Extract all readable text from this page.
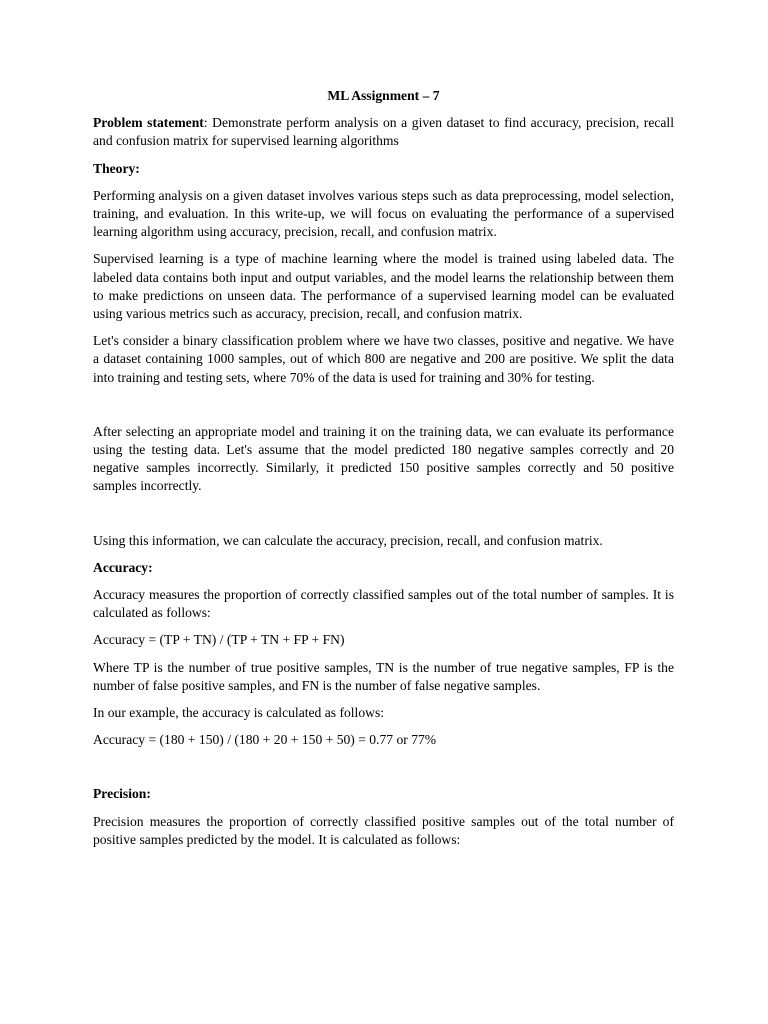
ML Assignment – 7

Problem statement: Demonstrate perform analysis on a given dataset to find accuracy, precision, recall and confusion matrix for supervised learning algorithms

Theory:

Performing analysis on a given dataset involves various steps such as data preprocessing, model selection, training, and evaluation. In this write-up, we will focus on evaluating the performance of a supervised learning algorithm using accuracy, precision, recall, and confusion matrix.

Supervised learning is a type of machine learning where the model is trained using labeled data. The labeled data contains both input and output variables, and the model learns the relationship between them to make predictions on unseen data. The performance of a supervised learning model can be evaluated using various metrics such as accuracy, precision, recall, and confusion matrix.

Let's consider a binary classification problem where we have two classes, positive and negative. We have a dataset containing 1000 samples, out of which 800 are negative and 200 are positive. We split the data into training and testing sets, where 70% of the data is used for training and 30% for testing.

After selecting an appropriate model and training it on the training data, we can evaluate its performance using the testing data. Let's assume that the model predicted 180 negative samples correctly and 20 negative samples incorrectly. Similarly, it predicted 150 positive samples correctly and 50 positive samples incorrectly.

Using this information, we can calculate the accuracy, precision, recall, and confusion matrix.

Accuracy:

Accuracy measures the proportion of correctly classified samples out of the total number of samples. It is calculated as follows:

Accuracy = (TP + TN) / (TP + TN + FP + FN)

Where TP is the number of true positive samples, TN is the number of true negative samples, FP is the number of false positive samples, and FN is the number of false negative samples.

In our example, the accuracy is calculated as follows:

Accuracy = (180 + 150) / (180 + 20 + 150 + 50) = 0.77 or 77%

Precision:

Precision measures the proportion of correctly classified positive samples out of the total number of positive samples predicted by the model. It is calculated as follows:
